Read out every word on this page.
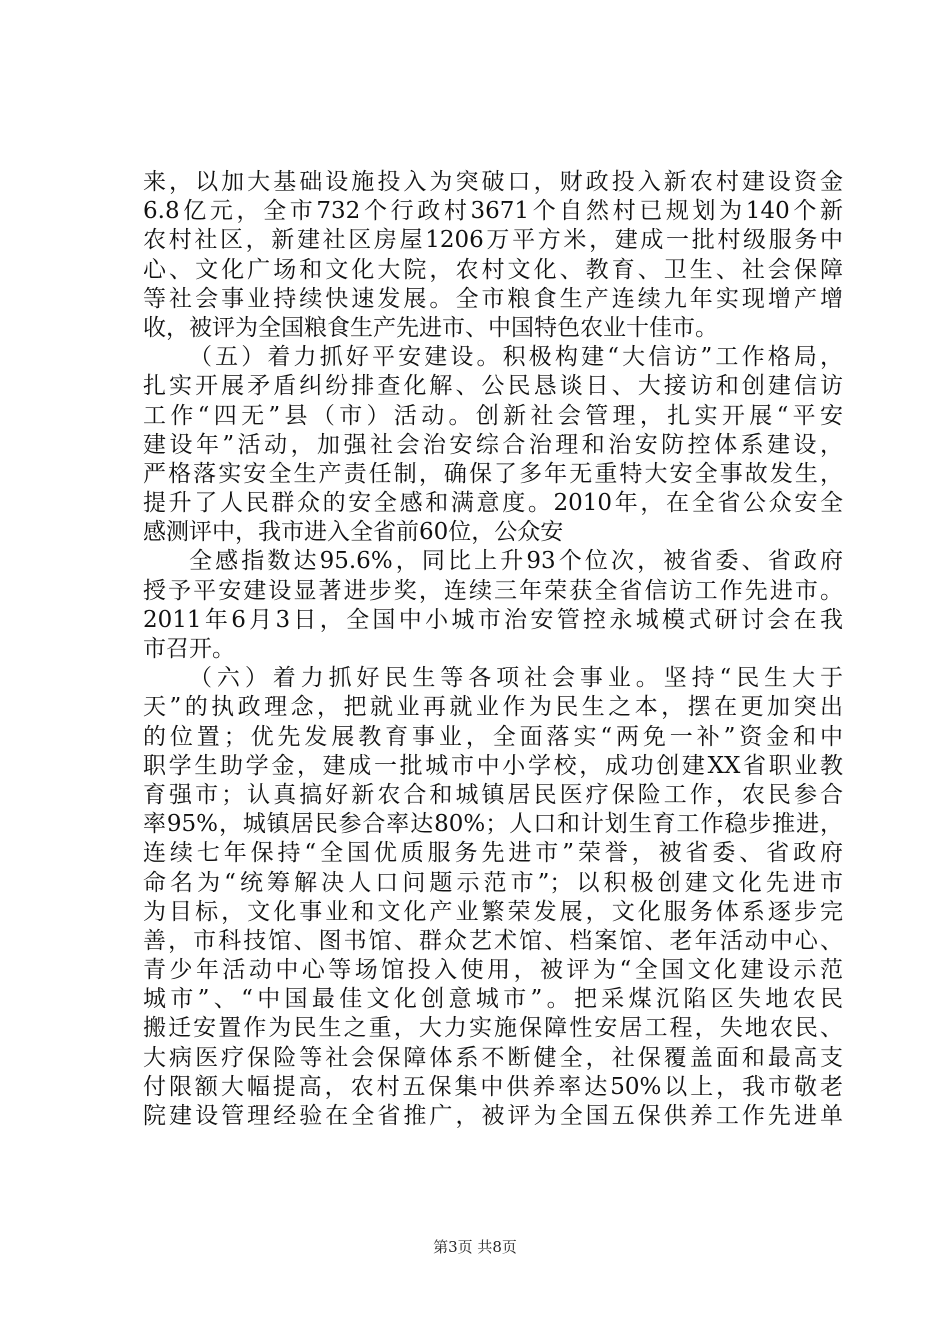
来，以加大基础设施投入为突破口，财政投入新农村建设资金
6.8亿元，全市732个行政村3671个自然村已规划为140个新
农村社区，新建社区房屋1206万平方米，建成一批村级服务中
心、文化广场和文化大院，农村文化、教育、卫生、社会保障
等社会事业持续快速发展。全市粮食生产连续九年实现增产增
收，被评为全国粮食生产先进市、中国特色农业十佳市。
（五）着力抓好平安建设。积极构建“大信访”工作格局，
扎实开展矛盾纠纷排查化解、公民恳谈日、大接访和创建信访
工作“四无”县（市）活动。创新社会管理，扎实开展“平安
建设年”活动，加强社会治安综合治理和治安防控体系建设，
严格落实安全生产责任制，确保了多年无重特大安全事故发生，
提升了人民群众的安全感和满意度。2010年，在全省公众安全
感测评中，我市进入全省前60位，公众安
全感指数达95.6%，同比上升93个位次，被省委、省政府
授予平安建设显著进步奖，连续三年荣获全省信访工作先进市。
2011年6月3日，全国中小城市治安管控永城模式研讨会在我
市召开。
（六）着力抓好民生等各项社会事业。坚持“民生大于
天”的执政理念，把就业再就业作为民生之本，摆在更加突出
的位置；优先发展教育事业，全面落实“两免一补”资金和中
职学生助学金，建成一批城市中小学校，成功创建XX省职业教
育强市；认真搞好新农合和城镇居民医疗保险工作，农民参合
率95%，城镇居民参合率达80%；人口和计划生育工作稳步推进，
连续七年保持“全国优质服务先进市”荣誉，被省委、省政府
命名为“统筹解决人口问题示范市”；以积极创建文化先进市
为目标，文化事业和文化产业繁荣发展，文化服务体系逐步完
善，市科技馆、图书馆、群众艺术馆、档案馆、老年活动中心、
青少年活动中心等场馆投入使用，被评为“全国文化建设示范
城市”、“中国最佳文化创意城市”。把采煤沉陷区失地农民
搬迁安置作为民生之重，大力实施保障性安居工程，失地农民、
大病医疗保险等社会保障体系不断健全，社保覆盖面和最高支
付限额大幅提高，农村五保集中供养率达50%以上，我市敬老
院建设管理经验在全省推广，被评为全国五保供养工作先进单
第3页 共8页
